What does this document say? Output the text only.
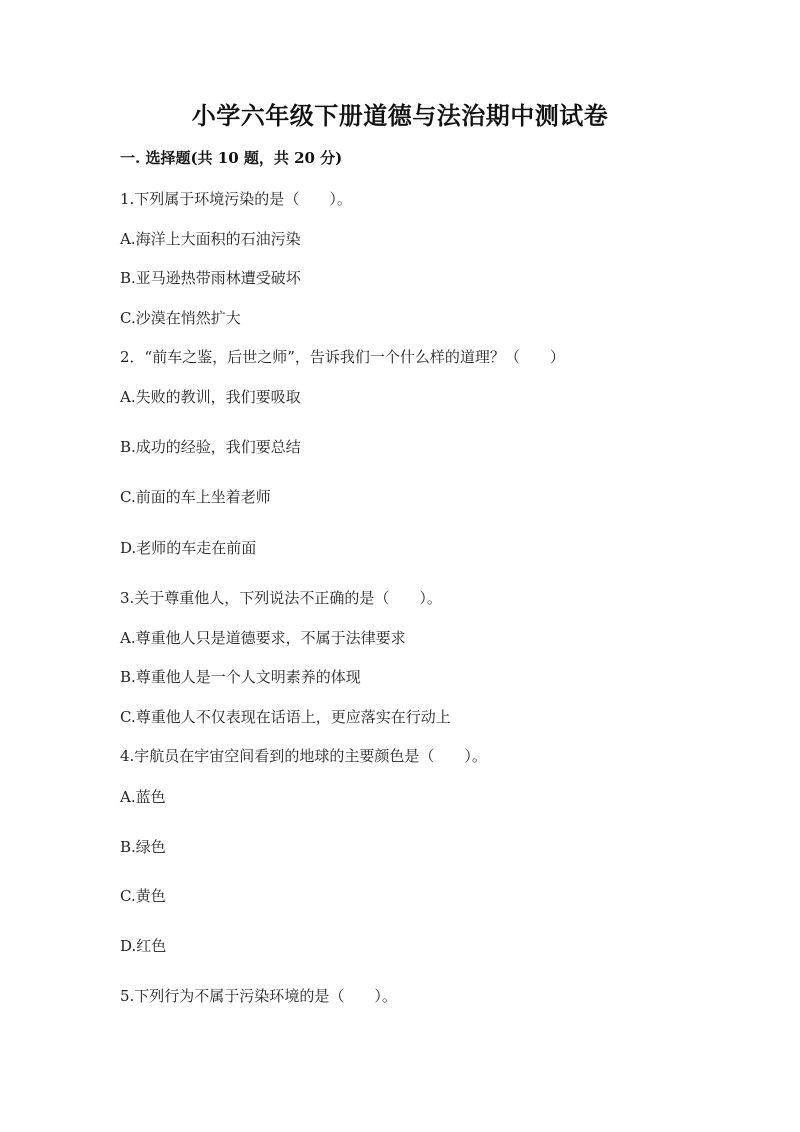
小学六年级下册道德与法治期中测试卷
一. 选择题(共 10 题，共 20 分)
1.下列属于环境污染的是（　　）。
A.海洋上大面积的石油污染
B.亚马逊热带雨林遭受破坏
C.沙漠在悄然扩大
2．“前车之鉴，后世之师”，告诉我们一个什么样的道理？（　　）
A.失败的教训，我们要吸取
B.成功的经验，我们要总结
C.前面的车上坐着老师
D.老师的车走在前面
3.关于尊重他人，下列说法不正确的是（　　）。
A.尊重他人只是道德要求，不属于法律要求
B.尊重他人是一个人文明素养的体现
C.尊重他人不仅表现在话语上，更应落实在行动上
4.宇航员在宇宙空间看到的地球的主要颜色是（　　）。
A.蓝色
B.绿色
C.黄色
D.红色
5.下列行为不属于污染环境的是（　　）。
